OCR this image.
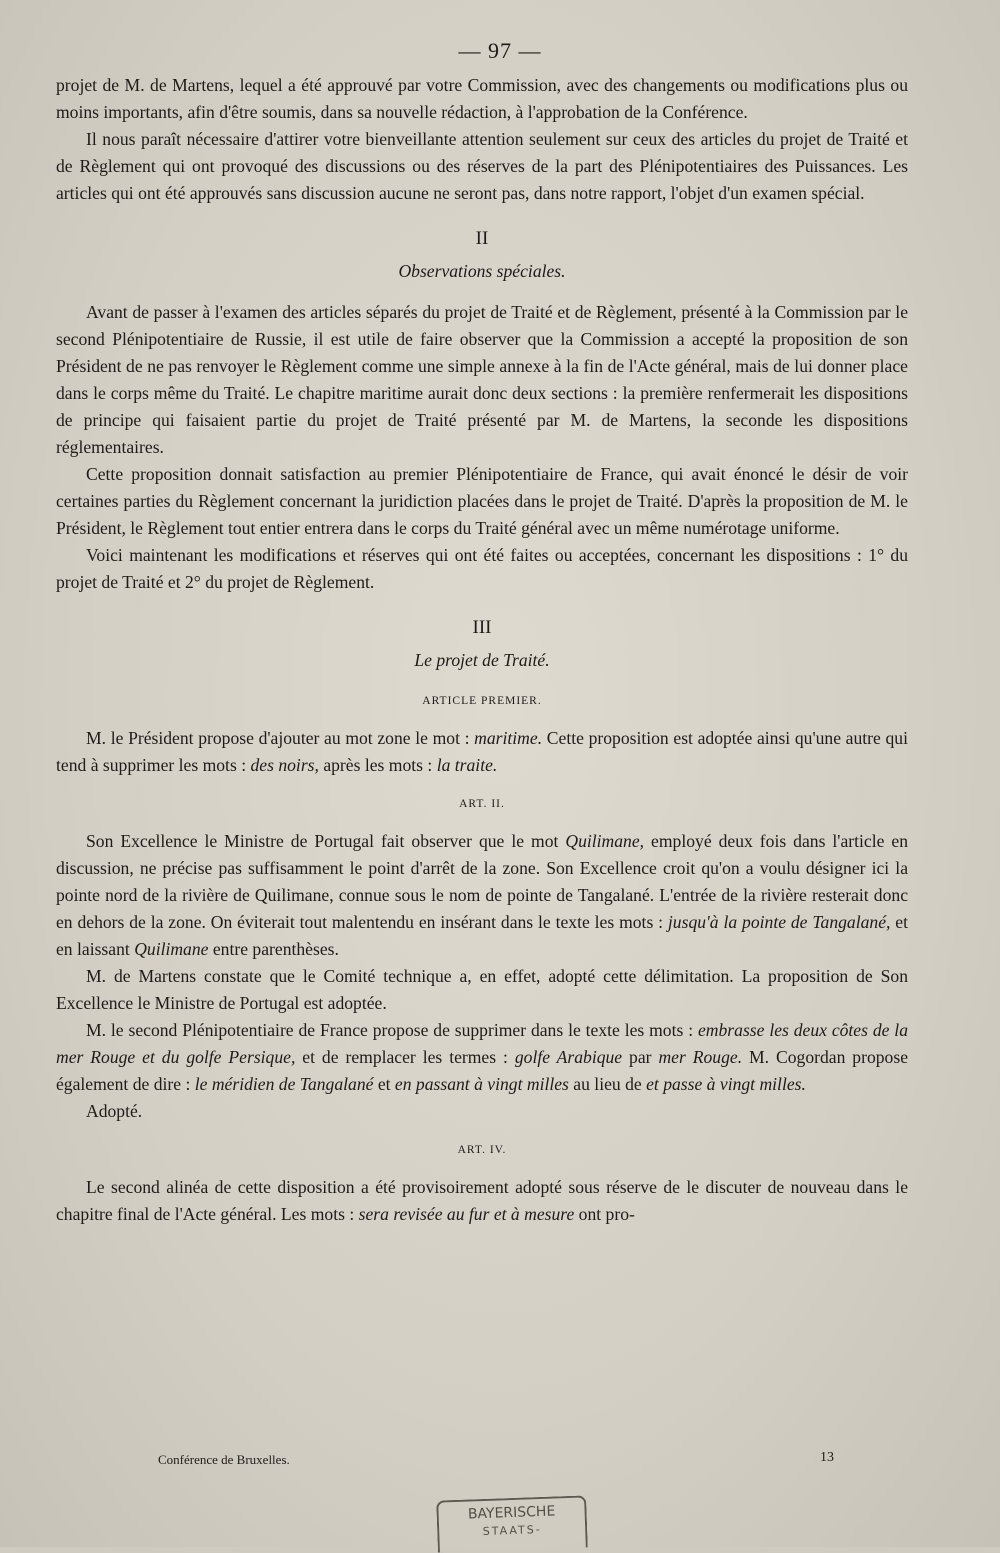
— 97 —

projet de M. de Martens, lequel a été approuvé par votre Commission, avec des changements ou modifications plus ou moins importants, afin d'être soumis, dans sa nouvelle rédaction, à l'approbation de la Conférence.

Il nous paraît nécessaire d'attirer votre bienveillante attention seulement sur ceux des articles du projet de Traité et de Règlement qui ont provoqué des discussions ou des réserves de la part des Plénipotentiaires des Puissances. Les articles qui ont été approuvés sans discussion aucune ne seront pas, dans notre rapport, l'objet d'un examen spécial.

II
Observations spéciales.

Avant de passer à l'examen des articles séparés du projet de Traité et de Règlement, présenté à la Commission par le second Plénipotentiaire de Russie, il est utile de faire observer que la Commission a accepté la proposition de son Président de ne pas renvoyer le Règlement comme une simple annexe à la fin de l'Acte général, mais de lui donner place dans le corps même du Traité. Le chapitre maritime aurait donc deux sections : la première renfermerait les dispositions de principe qui faisaient partie du projet de Traité présenté par M. de Martens, la seconde les dispositions réglementaires.

Cette proposition donnait satisfaction au premier Plénipotentiaire de France, qui avait énoncé le désir de voir certaines parties du Règlement concernant la juridiction placées dans le projet de Traité. D'après la proposition de M. le Président, le Règlement tout entier entrera dans le corps du Traité général avec un même numérotage uniforme.

Voici maintenant les modifications et réserves qui ont été faites ou acceptées, concernant les dispositions : 1° du projet de Traité et 2° du projet de Règlement.

III
Le projet de Traité.
ARTICLE PREMIER.

M. le Président propose d'ajouter au mot zone le mot : maritime. Cette proposition est adoptée ainsi qu'une autre qui tend à supprimer les mots : des noirs, après les mots : la traite.

ART. II.

Son Excellence le Ministre de Portugal fait observer que le mot Quilimane, employé deux fois dans l'article en discussion, ne précise pas suffisamment le point d'arrêt de la zone. Son Excellence croit qu'on a voulu désigner ici la pointe nord de la rivière de Quilimane, connue sous le nom de pointe de Tangalané. L'entrée de la rivière resterait donc en dehors de la zone. On éviterait tout malentendu en insérant dans le texte les mots : jusqu'à la pointe de Tangalané, et en laissant Quilimane entre parenthèses.

M. de Martens constate que le Comité technique a, en effet, adopté cette délimitation. La proposition de Son Excellence le Ministre de Portugal est adoptée.

M. le second Plénipotentiaire de France propose de supprimer dans le texte les mots : embrasse les deux côtes de la mer Rouge et du golfe Persique, et de remplacer les termes : golfe Arabique par mer Rouge. M. Cogordan propose également de dire : le méridien de Tangalané et en passant à vingt milles au lieu de et passe à vingt milles.

Adopté.

ART. IV.

Le second alinéa de cette disposition a été provisoirement adopté sous réserve de le discuter de nouveau dans le chapitre final de l'Acte général. Les mots : sera revisée au fur et à mesure ont pro-

Conférence de Bruxelles.	13
BAYERISCHE
STAATS-
